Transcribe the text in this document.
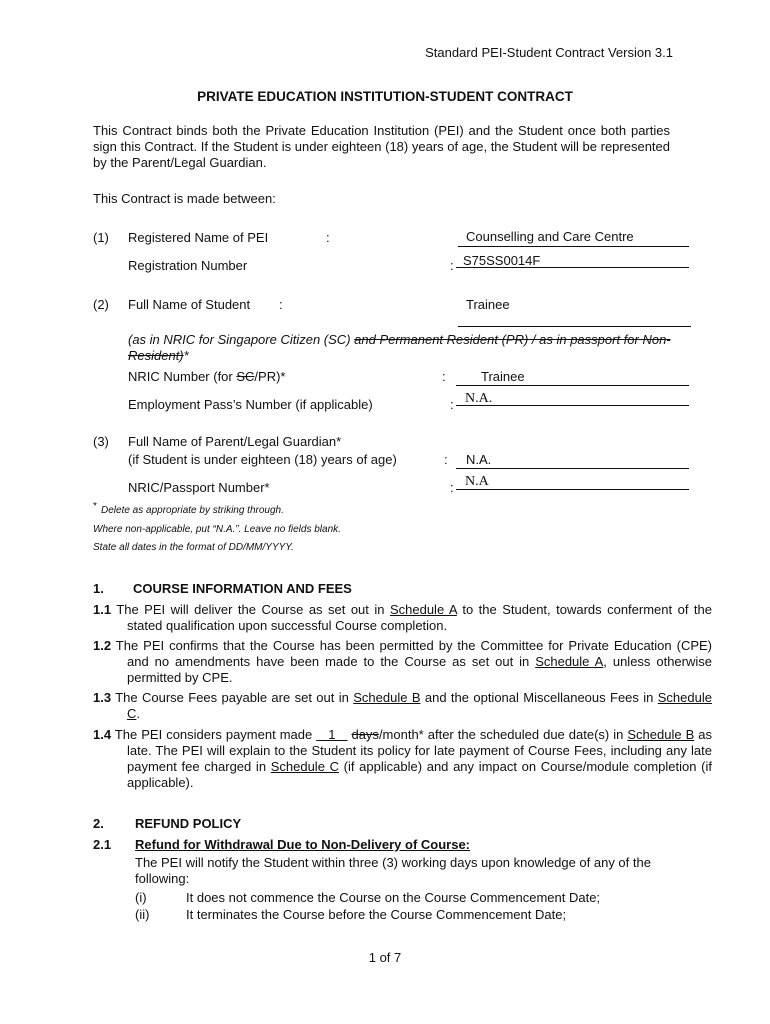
Standard PEI-Student Contract Version 3.1
PRIVATE EDUCATION INSTITUTION-STUDENT CONTRACT
This Contract binds both the Private Education Institution (PEI) and the Student once both parties sign this Contract. If the Student is under eighteen (18) years of age, the Student will be represented by the Parent/Legal Guardian.
This Contract is made between:
(1) Registered Name of PEI	:	Counselling and Care Centre
Registration Number	: S75SS0014F
(2) Full Name of Student :	Trainee
(as in NRIC for Singapore Citizen (SC) and Permanent Resident (PR) / as in passport for Non-Resident)*
NRIC Number (for SC/PR)*	:	Trainee
Employment Pass’s Number (if applicable)	: N.A.
(3) Full Name of Parent/Legal Guardian*
(if Student is under eighteen (18) years of age)	: N.A.
NRIC/Passport Number*	: N.A
* Delete as appropriate by striking through.
Where non-applicable, put “N.A.”. Leave no fields blank.
State all dates in the format of DD/MM/YYYY.
1. COURSE INFORMATION AND FEES
1.1 The PEI will deliver the Course as set out in Schedule A to the Student, towards conferment of the stated qualification upon successful Course completion.
1.2 The PEI confirms that the Course has been permitted by the Committee for Private Education (CPE) and no amendments have been made to the Course as set out in Schedule A, unless otherwise permitted by CPE.
1.3 The Course Fees payable are set out in Schedule B and the optional Miscellaneous Fees in Schedule C.
1.4 The PEI considers payment made    1    days/month* after the scheduled due date(s) in Schedule B as late. The PEI will explain to the Student its policy for late payment of Course Fees, including any late payment fee charged in Schedule C (if applicable) and any impact on Course/module completion (if applicable).
2. REFUND POLICY
2.1 Refund for Withdrawal Due to Non-Delivery of Course:
The PEI will notify the Student within three (3) working days upon knowledge of any of the following:
(i)	It does not commence the Course on the Course Commencement Date;
(ii)	It terminates the Course before the Course Commencement Date;
1 of 7
